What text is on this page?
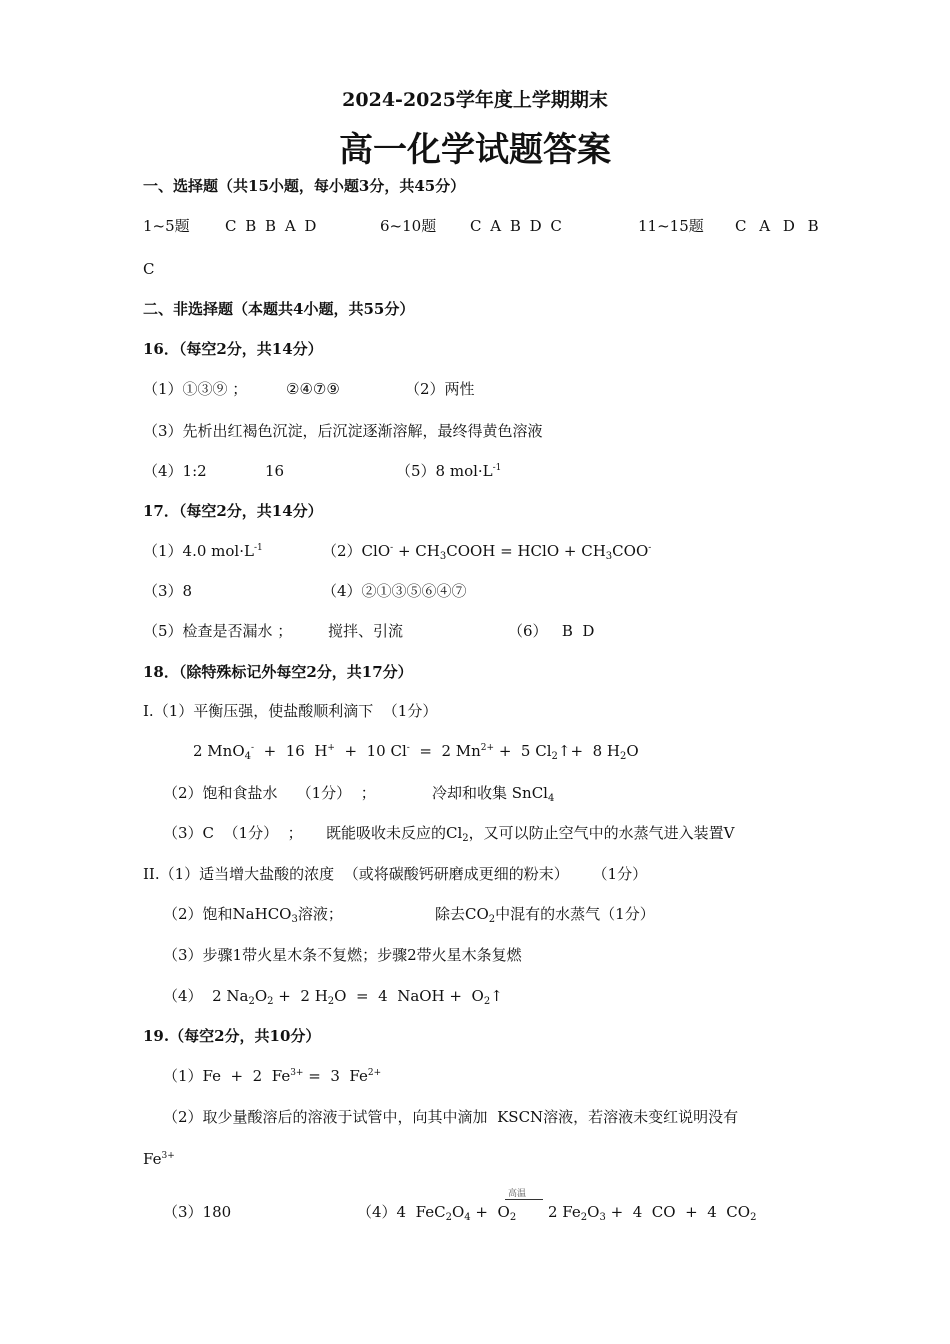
2024-2025学年度上学期期末
高一化学试题答案
一、选择题（共15小题，每小题3分，共45分）
1~5题 C B B A D	6~10题 C A B D C	11~15题 C A D B
C
二、非选择题（本题共4小题，共55分）
16．（每空2分，共14分）
（1）①③⑨ ；	②④⑦⑨	（2）两性
（3）先析出红褐色沉淀，后沉淀逐渐溶解，最终得黄色溶液
（4）1:2	16	（5）8 $mol\cdot L^{-1}$
17．（每空2分，共14分）
（1）4.0 $mol\cdot L^{-1}$	$(2)ClO^- + CH_3COOH$ = HClO + $CH_3COO^-$
（3）8	（4）②①③⑤⑥④⑦
（5）检查是否漏水 ； 搅拌、引流	（6）   B  D
18．（除特殊标记外每空2分，共17分）
I.（1）平衡压强，使盐酸顺利滴下  （1分）
2 MnO$_4$-  +  16  H+  +  10 Cl-  =  2 $Mn^{2+} + 5$ $Cl_2↑+ 8$ $H_2O$
（2）饱和食盐水    （1分）  ；	冷却和收集 SnCl$_4$
（3）C  （1分）  ； 既能吸收未反应的$Cl_2$，又可以防止空气中的水蒸气进入装置V
II.（1）适当增大盐酸的浓度  （或将碳酸钙研磨成更细的粉末）     （1分）
（2）饱和NaHCO$_3$溶液；	除去$CO_2$中混有的水蒸气（1分）
（3）步骤1带火星木条不复燃；步骤2带火星木条复燃
（4）  2 $Na_2O_2 + 2$ $H_2O = 4$  NaOH +  $O_2↑$
19.（每空2分，共10分）
（1）Fe  +  2  $Fe^{3+} = 3$  $Fe^{2+}$
（2）取少量酸溶后的溶液于试管中，向其中滴加  KSCN溶液，若溶液未变红说明没有
$Fe^{3+}$
（3）180	（4）4  $FeC_2O_4 + O_2$
高温
2 $Fe_2O_3 + 4$  CO  +  4  $CO_2$
